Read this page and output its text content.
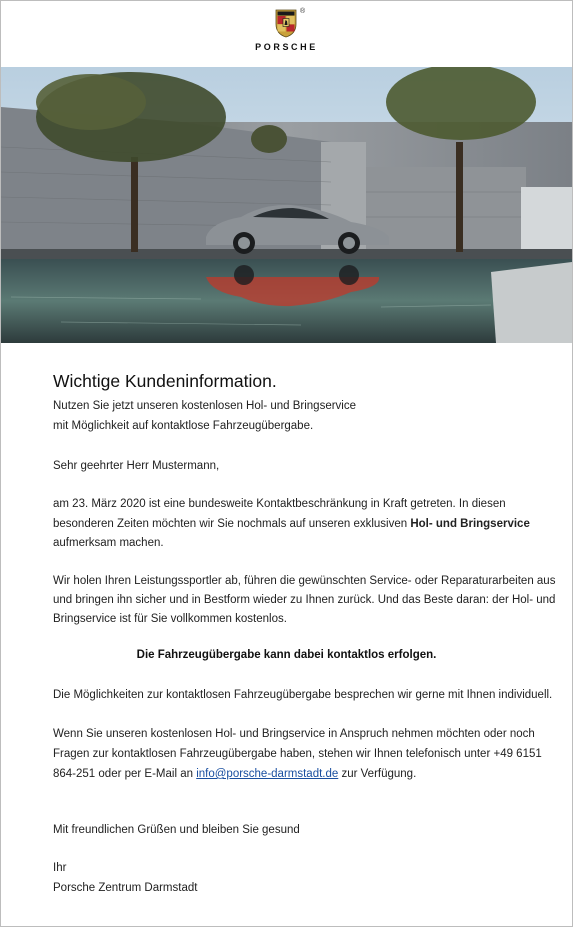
®
PORSCHE
Wichtige Kundeninformation.
Nutzen Sie jetzt unseren kostenlosen Hol- und Bringservice
mit Möglichkeit auf kontaktlose Fahrzeugübergabe.
Sehr geehrter Herr Mustermann,
am 23. März 2020 ist eine bundesweite Kontaktbeschränkung in Kraft getreten. In diesen
besonderen Zeiten möchten wir Sie nochmals auf unseren exklusiven Hol- und Bringservice
aufmerksam machen.
Wir holen Ihren Leistungssportler ab, führen die gewünschten Service- oder Reparaturarbeiten aus
und bringen ihn sicher und in Bestform wieder zu Ihnen zurück. Und das Beste daran: der Hol- und
Bringservice ist für Sie vollkommen kostenlos.
Die Fahrzeugübergabe kann dabei kontaktlos erfolgen.
Die Möglichkeiten zur kontaktlosen Fahrzeugübergabe besprechen wir gerne mit Ihnen individuell.
Wenn Sie unseren kostenlosen Hol- und Bringservice in Anspruch nehmen möchten oder noch
Fragen zur kontaktlosen Fahrzeugübergabe haben, stehen wir Ihnen telefonisch unter +49 6151
864-251 oder per E-Mail an info@porsche-darmstadt.de zur Verfügung.
Mit freundlichen Grüßen und bleiben Sie gesund
Ihr
Porsche Zentrum Darmstadt
